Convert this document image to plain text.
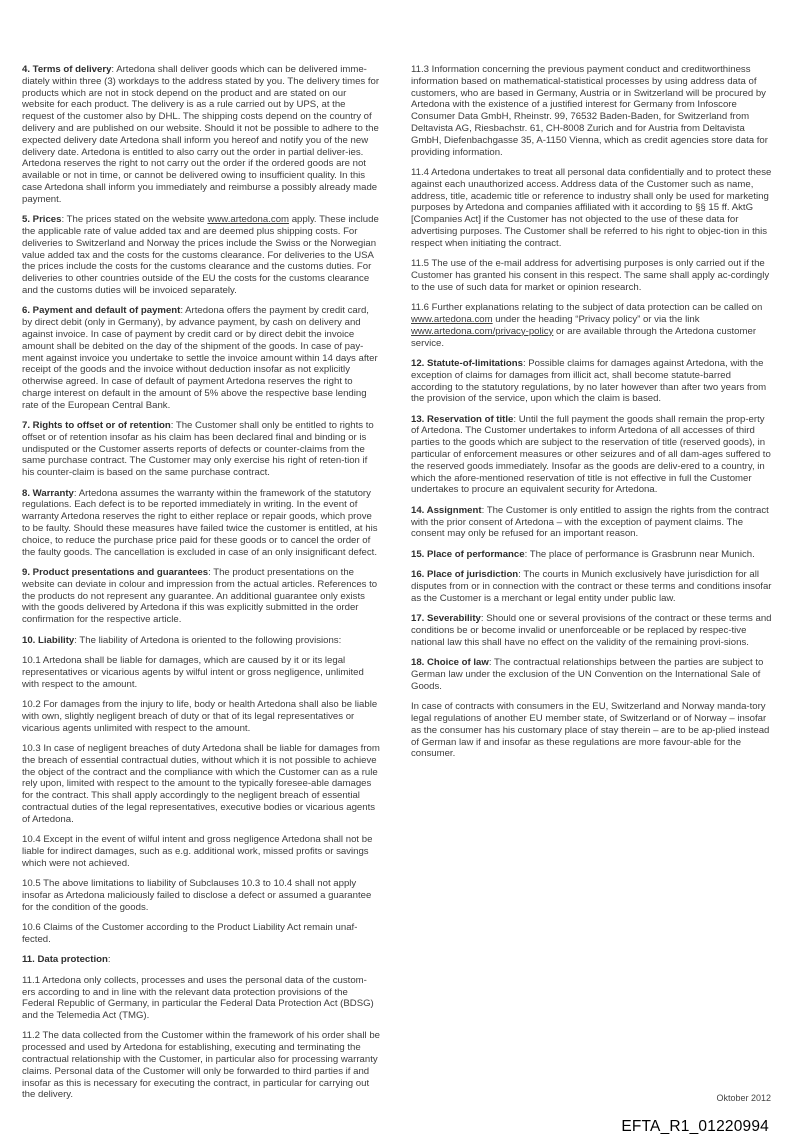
4. Terms of delivery: Artedona shall deliver goods which can be delivered imme-diately within three (3) workdays to the address stated by you. The delivery times for products which are not in stock depend on the product and are stated on our website for each product. The delivery is as a rule carried out by UPS, at the request of the customer also by DHL. The shipping costs depend on the country of delivery and are published on our website. Should it not be possible to adhere to the expected delivery date Artedona shall inform you hereof and notify you of the new delivery date. Artedona is entitled to also carry out the order in partial deliver-ies. Artedona reserves the right to not carry out the order if the ordered goods are not available or not in time, or cannot be delivered owing to insufficient quality. In this case Artedona shall inform you immediately and reimburse a possibly already made payment.

5. Prices: The prices stated on the website www.artedona.com apply. These include the applicable rate of value added tax and are deemed plus shipping costs. For deliveries to Switzerland and Norway the prices include the Swiss or the Norwegian value added tax and the costs for the customs clearance. For deliveries to the USA the prices include the costs for the customs clearance and the customs duties. For deliveries to other countries outside of the EU the costs for the customs clearance and the customs duties will be invoiced separately.

6. Payment and default of payment: Artedona offers the payment by credit card, by direct debit (only in Germany), by advance payment, by cash on delivery and against invoice. In case of payment by credit card or by direct debit the invoice amount shall be debited on the day of the shipment of the goods. In case of pay-ment against invoice you undertake to settle the invoice amount within 14 days after receipt of the goods and the invoice without deduction insofar as not explicitly otherwise agreed. In case of default of payment Artedona reserves the right to charge interest on default in the amount of 5% above the respective base lending rate of the European Central Bank.

7. Rights to offset or of retention: The Customer shall only be entitled to rights to offset or of retention insofar as his claim has been declared final and binding or is undisputed or the Customer asserts reports of defects or counter-claims from the same purchase contract. The Customer may only exercise his right of reten-tion if his counter-claim is based on the same purchase contract.

8. Warranty: Artedona assumes the warranty within the framework of the statutory regulations. Each defect is to be reported immediately in writing. In the event of warranty Artedona reserves the right to either replace or repair goods, which prove to be faulty. Should these measures have failed twice the customer is entitled, at his choice, to reduce the purchase price paid for these goods or to cancel the order of the faulty goods. The cancellation is excluded in case of an only insignificant defect.

9. Product presentations and guarantees: The product presentations on the website can deviate in colour and impression from the actual articles. References to the products do not represent any guarantee. An additional guarantee only exists with the goods delivered by Artedona if this was explicitly submitted in the order confirmation for the respective article.

10. Liability: The liability of Artedona is oriented to the following provisions:

10.1 Artedona shall be liable for damages, which are caused by it or its legal representatives or vicarious agents by wilful intent or gross negligence, unlimited with respect to the amount.

10.2 For damages from the injury to life, body or health Artedona shall also be liable with own, slightly negligent breach of duty or that of its legal representatives or vicarious agents unlimited with respect to the amount.

10.3 In case of negligent breaches of duty Artedona shall be liable for damages from the breach of essential contractual duties, without which it is not possible to achieve the object of the contract and the compliance with which the Customer can as a rule rely upon, limited with respect to the amount to the typically foresee-able damages for the contract. This shall apply accordingly to the negligent breach of essential contractual duties of the legal representatives, executive bodies or vicarious agents of Artedona.

10.4 Except in the event of wilful intent and gross negligence Artedona shall not be liable for indirect damages, such as e.g. additional work, missed profits or savings which were not achieved.

10.5 The above limitations to liability of Subclauses 10.3 to 10.4 shall not apply insofar as Artedona maliciously failed to disclose a defect or assumed a guarantee for the condition of the goods.

10.6 Claims of the Customer according to the Product Liability Act remain unaf-fected.

11. Data protection:

11.1 Artedona only collects, processes and uses the personal data of the custom-ers according to and in line with the relevant data protection provisions of the Federal Republic of Germany, in particular the Federal Data Protection Act (BDSG) and the Telemedia Act (TMG).

11.2 The data collected from the Customer within the framework of his order shall be processed and used by Artedona for establishing, executing and terminating the contractual relationship with the Customer, in particular also for processing warranty claims. Personal data of the Customer will only be forwarded to third parties if and insofar as this is necessary for executing the contract, in particular for carrying out the delivery.

11.3 Information concerning the previous payment conduct and creditworthiness information based on mathematical-statistical processes by using address data of customers, who are based in Germany, Austria or in Switzerland will be procured by Artedona with the existence of a justified interest for Germany from Infoscore Consumer Data GmbH, Rheinstr. 99, 76532 Baden-Baden, for Switzerland from Deltavista AG, Riesbachstr. 61, CH-8008 Zurich and for Austria from Deltavista GmbH, Diefenbachgasse 35, A-1150 Vienna, which as credit agencies store data for providing information.

11.4 Artedona undertakes to treat all personal data confidentially and to protect these against each unauthorized access. Address data of the Customer such as name, address, title, academic title or reference to industry shall only be used for marketing purposes by Artedona and companies affiliated with it according to §§ 15 ff. AktG [Companies Act] if the Customer has not objected to the use of these data for advertising purposes. The Customer shall be referred to his right to objec-tion in this respect when initiating the contract.

11.5 The use of the e-mail address for advertising purposes is only carried out if the Customer has granted his consent in this respect. The same shall apply ac-cordingly to the use of such data for market or opinion research.

11.6 Further explanations relating to the subject of data protection can be called on www.artedona.com under the heading “Privacy policy” or via the link www.artedona.com/privacy-policy or are available through the Artedona customer service.

12. Statute-of-limitations: Possible claims for damages against Artedona, with the exception of claims for damages from illicit act, shall become statute-barred according to the statutory regulations, by no later however than after two years from the provision of the service, upon which the claim is based.

13. Reservation of title: Until the full payment the goods shall remain the prop-erty of Artedona. The Customer undertakes to inform Artedona of all accesses of third parties to the goods which are subject to the reservation of title (reserved goods), in particular of enforcement measures or other seizures and of all dam-ages suffered to the reserved goods immediately. Insofar as the goods are deliv-ered to a country, in which the afore-mentioned reservation of title is not effective in full the Customer undertakes to procure an equivalent security for Artedona.

14. Assignment: The Customer is only entitled to assign the rights from the contract with the prior consent of Artedona – with the exception of payment claims. The consent may only be refused for an important reason.

15. Place of performance: The place of performance is Grasbrunn near Munich.

16. Place of jurisdiction: The courts in Munich exclusively have jurisdiction for all disputes from or in connection with the contract or these terms and conditions insofar as the Customer is a merchant or legal entity under public law.

17. Severability: Should one or several provisions of the contract or these terms and conditions be or become invalid or unenforceable or be replaced by respec-tive national law this shall have no effect on the validity of the remaining provi-sions.

18. Choice of law: The contractual relationships between the parties are subject to German law under the exclusion of the UN Convention on the International Sale of Goods.

In case of contracts with consumers in the EU, Switzerland and Norway manda-tory legal regulations of another EU member state, of Switzerland or of Norway – insofar as the consumer has his customary place of stay therein – are to be ap-plied instead of German law if and insofar as these regulations are more favour-able for the consumer.

Oktober 2012
EFTA_R1_01220994
